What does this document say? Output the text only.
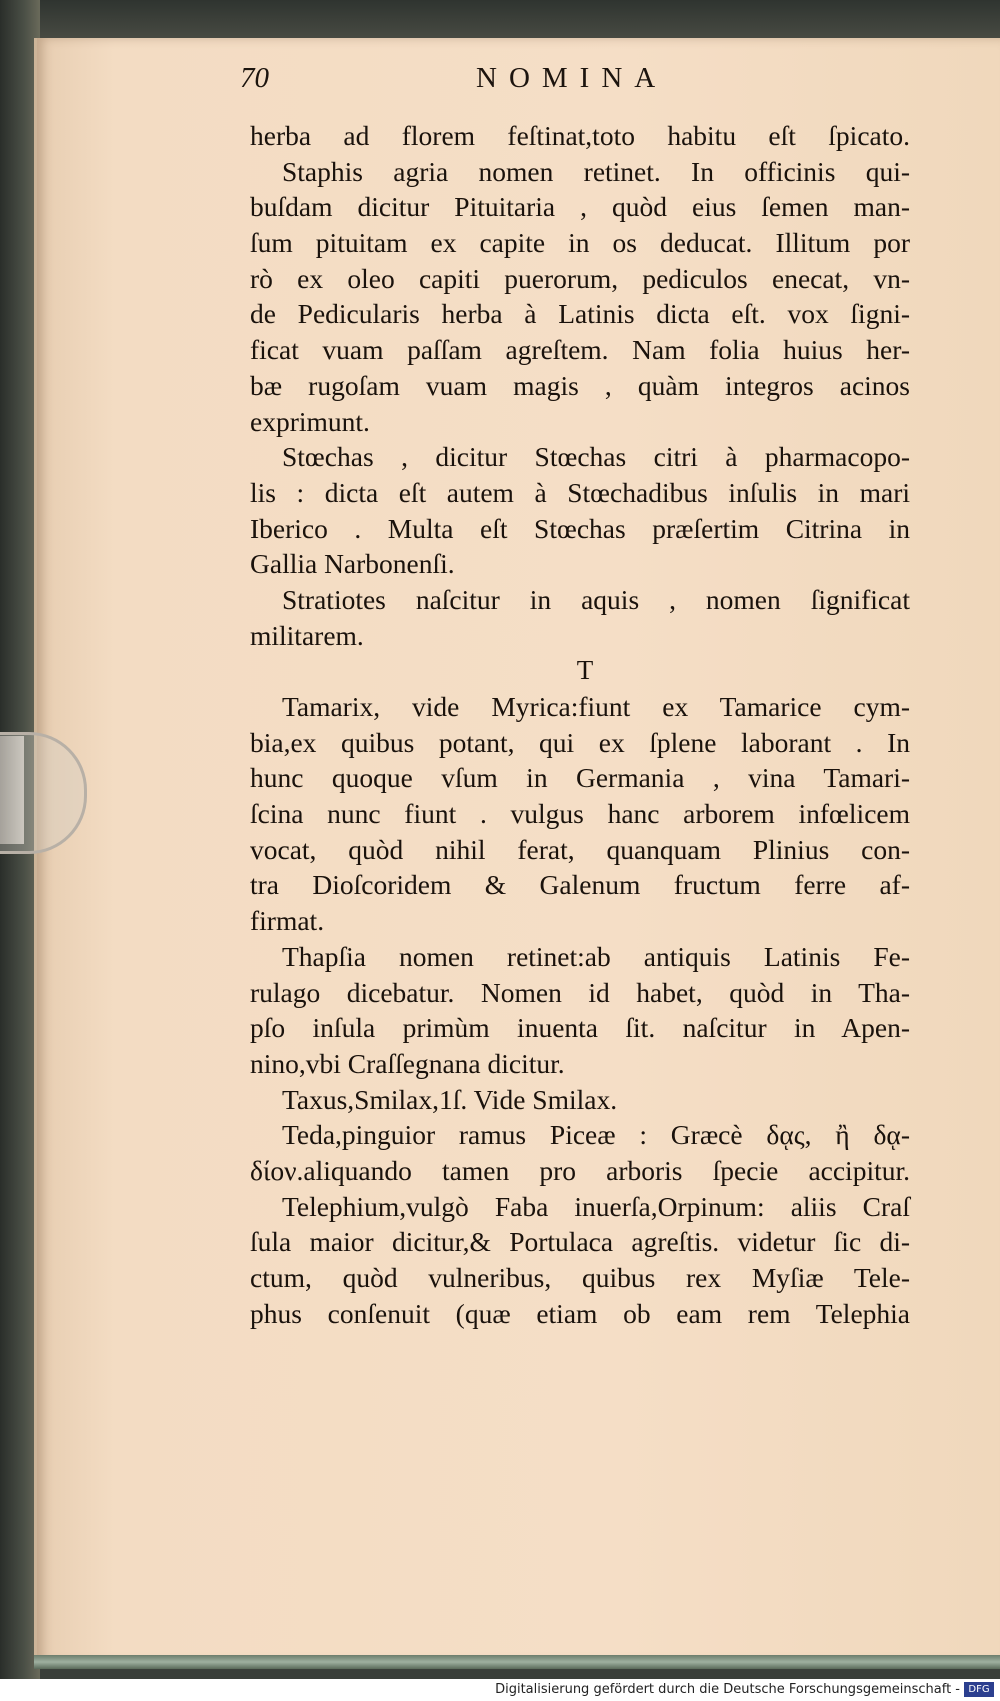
70	NOMINA
herba ad florem feſtinat,toto habitu eſt ſpicato.
Staphis agria nomen retinet. In officinis qui-
buſdam dicitur Pituitaria , quòd eius ſemen man-
ſum pituitam ex capite in os deducat. Illitum por
rò ex oleo capiti puerorum, pediculos enecat, vn-
de Pedicularis herba à Latinis dicta eſt. vox ſigni-
ficat vuam paſſam agreſtem. Nam folia huius her-
bæ rugoſam vuam magis , quàm integros acinos
exprimunt.
Stœchas , dicitur Stœchas citri à pharmacopo-
lis : dicta eſt autem à Stœchadibus inſulis in mari
Iberico . Multa eſt Stœchas præſertim Citrina in
Gallia Narbonenſi.
Stratiotes naſcitur in aquis , nomen ſignificat
militarem.
T
Tamarix, vide Myrica:fiunt ex Tamarice cym-
bia,ex quibus potant, qui ex ſplene laborant . In
hunc quoque vſum in Germania , vina Tamari-
ſcina nunc fiunt . vulgus hanc arborem infœlicem
vocat, quòd nihil ferat, quanquam Plinius con-
tra Dioſcoridem & Galenum fructum ferre af-
firmat.
Thapſia nomen retinet:ab antiquis Latinis Fe-
rulago dicebatur. Nomen id habet, quòd in Tha-
pſo inſula primùm inuenta ſit. naſcitur in Apen-
nino,vbi Craſſegnana dicitur.
Taxus,Smilax,1ſ. Vide Smilax.
Teda,pinguior ramus Piceæ : Græcè δᾳς, ἢ δᾳ-
δίον.aliquando tamen pro arboris ſpecie accipitur.
Telephium,vulgò Faba inuerſa,Orpinum: aliis Craſ
ſula maior dicitur,& Portulaca agreſtis. videtur ſic di-
ctum, quòd vulneribus, quibus rex Myſiæ Tele-
phus conſenuit (quæ etiam ob eam rem Telephia
Digitalisierung gefördert durch die Deutsche Forschungsgemeinschaft - DFG
